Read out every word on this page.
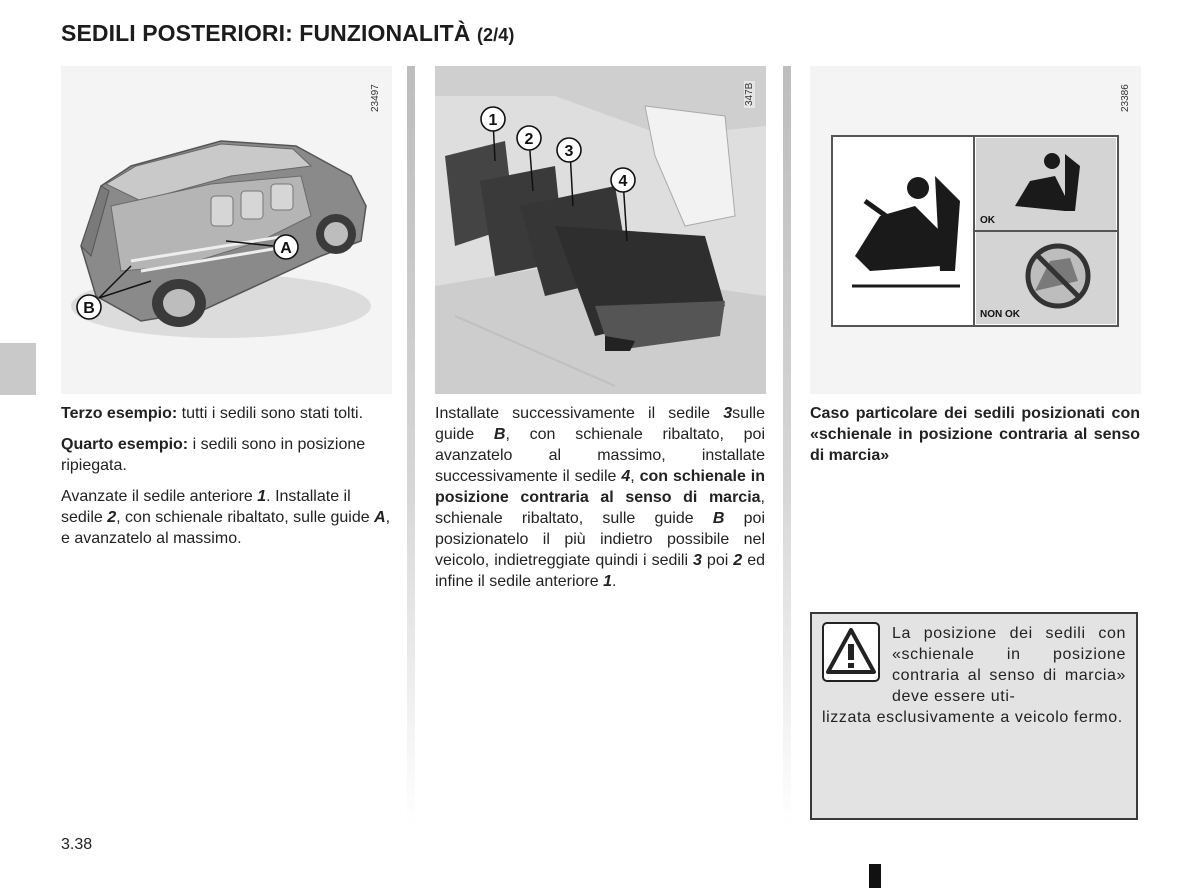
SEDILI POSTERIORI: FUNZIONALITÀ (2/4)
A
B
23497
1
2
3
4
347B
OK
NON OK
23386

Terzo esempio: tutti i sedili sono stati tolti.

Quarto esempio: i sedili sono in posizione ripiegata.

Avanzate il sedile anteriore 1. Installate il sedile 2, con schienale ribaltato, sulle guide A, e avanzatelo al massimo.

Installate successivamente il sedile 3sulle guide B, con schienale ribaltato, poi avanzatelo al massimo, installate successivamente il sedile 4, con schienale in posizione contraria al senso di marcia, schienale ribaltato, sulle guide B poi posizionatelo il più indietro possibile nel veicolo, indietreggiate quindi i sedili 3 poi 2 ed infine il sedile anteriore 1.

Caso particolare dei sedili posizionati con «schienale in posizione contraria al senso di marcia»
La posizione dei sedili con «schienale in posizione contraria al senso di marcia» deve essere uti-
lizzata esclusivamente a veicolo fermo.
3.38
